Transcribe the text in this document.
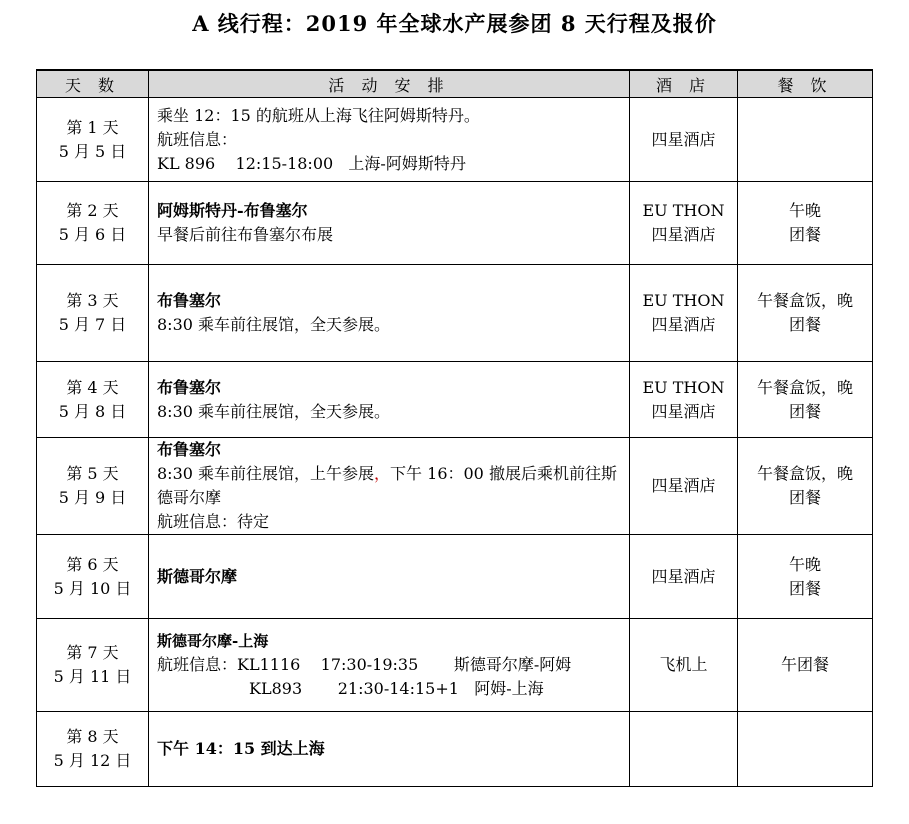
A 线行程：2019 年全球水产展参团 8 天行程及报价
天 数	活 动 安 排	酒 店	餐 饮

第 1 天
5 月 5 日	乘坐 12：15 的航班从上海飞往阿姆斯特丹。
航班信息：
KL 896    12:15-18:00   上海-阿姆斯特丹	四星酒店	

第 2 天
5 月 6 日	阿姆斯特丹-布鲁塞尔
早餐后前往布鲁塞尔布展	EU THON
四星酒店	午晚
团餐

第 3 天
5 月 7 日	布鲁塞尔
8:30 乘车前往展馆，全天参展。	EU THON
四星酒店	午餐盒饭，晚
团餐

第 4 天
5 月 8 日	布鲁塞尔
8:30 乘车前往展馆，全天参展。	EU THON
四星酒店	午餐盒饭，晚
团餐

第 5 天
5 月 9 日	布鲁塞尔
8:30 乘车前往展馆，上午参展，下午 16：00 撤展后乘机前往斯德哥尔摩
航班信息：待定	四星酒店	午餐盒饭，晚
团餐

第 6 天
5 月 10 日	斯德哥尔摩	四星酒店	午晚
团餐

第 7 天
5 月 11 日	斯德哥尔摩-上海
航班信息：KL1116 17:30-19:35 斯德哥尔摩-阿姆
KL893 21:30-14:15+1 阿姆-上海	飞机上	午团餐

第 8 天
5 月 12 日	下午 14：15 到达上海		
